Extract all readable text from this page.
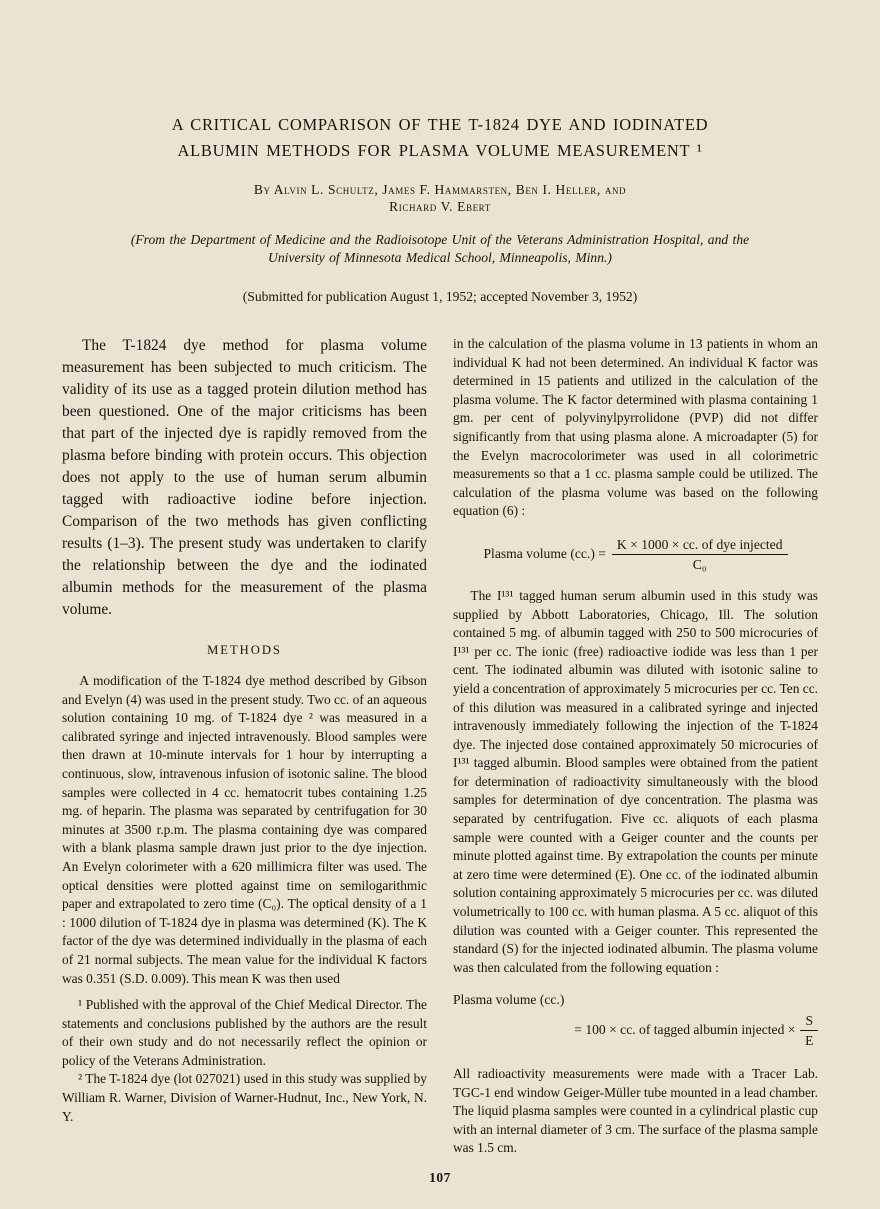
A CRITICAL COMPARISON OF THE T-1824 DYE AND IODINATED
ALBUMIN METHODS FOR PLASMA VOLUME MEASUREMENT ¹
By Alvin L. Schultz, James F. Hammarsten, Ben I. Heller, and
Richard V. Ebert
(From the Department of Medicine and the Radioisotope Unit of the Veterans Administration Hospital, and the University of Minnesota Medical School, Minneapolis, Minn.)
(Submitted for publication August 1, 1952; accepted November 3, 1952)

The T-1824 dye method for plasma volume measurement has been subjected to much criticism. The validity of its use as a tagged protein dilution method has been questioned. One of the major criticisms has been that part of the injected dye is rapidly removed from the plasma before binding with protein occurs. This objection does not apply to the use of human serum albumin tagged with radioactive iodine before injection. Comparison of the two methods has given conflicting results (1–3). The present study was undertaken to clarify the relationship between the dye and the iodinated albumin methods for the measurement of the plasma volume.

METHODS

A modification of the T-1824 dye method described by Gibson and Evelyn (4) was used in the present study. Two cc. of an aqueous solution containing 10 mg. of T-1824 dye ² was measured in a calibrated syringe and injected intravenously. Blood samples were then drawn at 10-minute intervals for 1 hour by interrupting a continuous, slow, intravenous infusion of isotonic saline. The blood samples were collected in 4 cc. hematocrit tubes containing 1.25 mg. of heparin. The plasma was separated by centrifugation for 30 minutes at 3500 r.p.m. The plasma containing dye was compared with a blank plasma sample drawn just prior to the dye injection. An Evelyn colorimeter with a 620 millimicra filter was used. The optical densities were plotted against time on semilogarithmic paper and extrapolated to zero time (C₀). The optical density of a 1 : 1000 dilution of T-1824 dye in plasma was determined (K). The K factor of the dye was determined individually in the plasma of each of 21 normal subjects. The mean value for the individual K factors was 0.351 (S.D. 0.009). This mean K was then used

¹ Published with the approval of the Chief Medical Director. The statements and conclusions published by the authors are the result of their own study and do not necessarily reflect the opinion or policy of the Veterans Administration.

² The T-1824 dye (lot 027021) used in this study was supplied by William R. Warner, Division of Warner-Hudnut, Inc., New York, N. Y.

in the calculation of the plasma volume in 13 patients in whom an individual K had not been determined. An individual K factor was determined in 15 patients and utilized in the calculation of the plasma volume. The K factor determined with plasma containing 1 gm. per cent of polyvinylpyrrolidone (PVP) did not differ significantly from that using plasma alone. A microadapter (5) for the Evelyn macrocolorimeter was used in all colorimetric measurements so that a 1 cc. plasma sample could be utilized. The calculation of the plasma volume was based on the following equation (6) :

Plasma volume $(cc.) = \frac{\text{K × 1000 × cc. of dye injected}}{\text{C₀}}$

The I¹³¹ tagged human serum albumin used in this study was supplied by Abbott Laboratories, Chicago, Ill. The solution contained 5 mg. of albumin tagged with 250 to 500 microcuries of I¹³¹ per cc. The ionic (free) radioactive iodide was less than 1 per cent. The iodinated albumin was diluted with isotonic saline to yield a concentration of approximately 5 microcuries per cc. Ten cc. of this dilution was measured in a calibrated syringe and injected intravenously immediately following the injection of the T-1824 dye. The injected dose contained approximately 50 microcuries of I¹³¹ tagged albumin. Blood samples were obtained from the patient for determination of radioactivity simultaneously with the blood samples for determination of dye concentration. The plasma was separated by centrifugation. Five cc. aliquots of each plasma sample were counted with a Geiger counter and the counts per minute plotted against time. By extrapolation the counts per minute at zero time were determined (E). One cc. of the iodinated albumin solution containing approximately 5 microcuries per cc. was diluted volumetrically to 100 cc. with human plasma. A 5 cc. aliquot of this dilution was counted with a Geiger counter. This represented the standard (S) for the injected iodinated albumin. The plasma volume was then calculated from the following equation :

Plasma volume (cc.)
= 100 × cc. of tagged albumin injected × $\frac{S}{E}$

All radioactivity measurements were made with a Tracer Lab. TGC-1 end window Geiger-Müller tube mounted in a lead chamber. The liquid plasma samples were counted in a cylindrical plastic cup with an internal diameter of 3 cm. The surface of the plasma sample was 1.5 cm.

107
